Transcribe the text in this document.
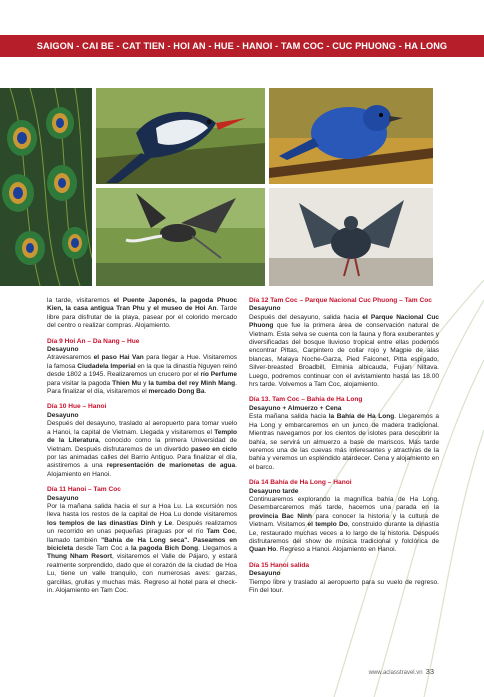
SAIGON - CAI BE - CAT TIEN - HOI AN - HUE - HANOI - TAM COC - CUC PHUONG - HA LONG

la tarde, visitaremos el Puente Japonés, la pagoda Phuoc Kien, la casa antigua Tran Phu y el museo de Hoi An. Tarde libre para disfrutar de la playa, pasear por el colorido mercado del centro o realizar compras. Alojamiento.

Día 9 Hoi An – Da Nang – Hue
Desayuno

Atravesaremos el paso Hai Van para llegar a Hue. Visitaremos la famosa Ciudadela Imperial en la que la dinastía Nguyen reinó desde 1802 a 1945. Realizaremos un crucero por el río Perfume para visitar la pagoda Thien Mu y la tumba del rey Minh Mang. Para finalizar el día, visitaremos el mercado Dong Ba.

Día 10 Hue – Hanoi
Desayuno

Después del desayuno, traslado al aeropuerto para tomar vuelo a Hanoi, la capital de Vietnam. Llegada y visitaremos el Templo de la Literatura, conocido como la primera Universidad de Vietnam. Después disfrutaremos de un divertido paseo en ciclo por las animadas calles del Barrio Antiguo. Para finalizar el día, asistiremos a una representación de marionetas de agua. Alojamiento en Hanoi.

Día 11 Hanoi – Tam Coc
Desayuno

Por la mañana salida hacia el sur a Hoa Lu. La excursión nos lleva hasta los restos de la capital de Hoa Lu donde visitaremos los templos de las dinastías Dinh y Le. Después realizamos un recorrido en unas pequeñas piraguas por el río Tam Coc, llamado también "Bahía de Ha Long seca". Paseamos en bicicleta desde Tam Coc a la pagoda Bich Dong. Llegamos a Thung Nham Resort, visitaremos el Valle de Pájaro, y estará realmente sorprendido, dado que el corazón de la ciudad de Hoa Lu, tiene un valle tranquilo, con numerosas aves: garzas, garcillas, grullas y muchas más. Regreso al hotel para el check-in. Alojamiento en Tam Coc.

Día 12 Tam Coc – Parque Nacional Cuc Phuong – Tam Coc
Desayuno

Después del desayuno, salida hacia el Parque Nacional Cuc Phuong que fue la primera área de conservación natural de Vietnam. Esta selva se cuenta con la fauna y flora exuberantes y diversificadas del bosque lluvioso tropical entre ellas podemos encontrar Pittas, Carpintero de collar rojo y Magpie de alas blancas, Malaya Noche-Garza, Pied Falconet, Pitta espigado, Silver-breasted Broadbill, Elminia albicauda, Fujian Niltava. Luego, podremos continuar con el avistamiento hasta las 18.00 hrs tarde. Volvemos a Tam Coc, alojamiento.

Día 13. Tam Coc – Bahía de Ha Long
Desayuno + Almuerzo + Cena

Esta mañana salida hacia la Bahía de Ha Long. Llegaremos a Ha Long y embarcaremos en un junco de madera tradicional. Mientras navegamos por los cientos de islotes para descubrir la bahía, se servirá un almuerzo a base de mariscos. Más tarde veremos una de las cuevas más interesantes y atractivas de la bahía y veremos un espléndido atardecer. Cena y alojamiento en el barco.

Día 14 Bahía de Ha Long – Hanoi
Desayuno tarde

Continuaremos explorando la magnífica bahía de Ha Long. Desembarcaremos más tarde, hacemos una parada en la provincia Bac Ninh para conocer la historia y la cultura de Vietnam. Visitamos el templo Do, construido durante la dinastía Le, restaurado muchas veces a lo largo de la historia. Después disfrutaremos del show de música tradicional y folclórica de Quan Ho. Regreso a Hanoi. Alojamiento en Hanoi.

Día 15 Hanoi salida
Desayuno

Tiempo libre y traslado al aeropuerto para su vuelo de regreso. Fin del tour.

www.aclasstravel.vn 33
